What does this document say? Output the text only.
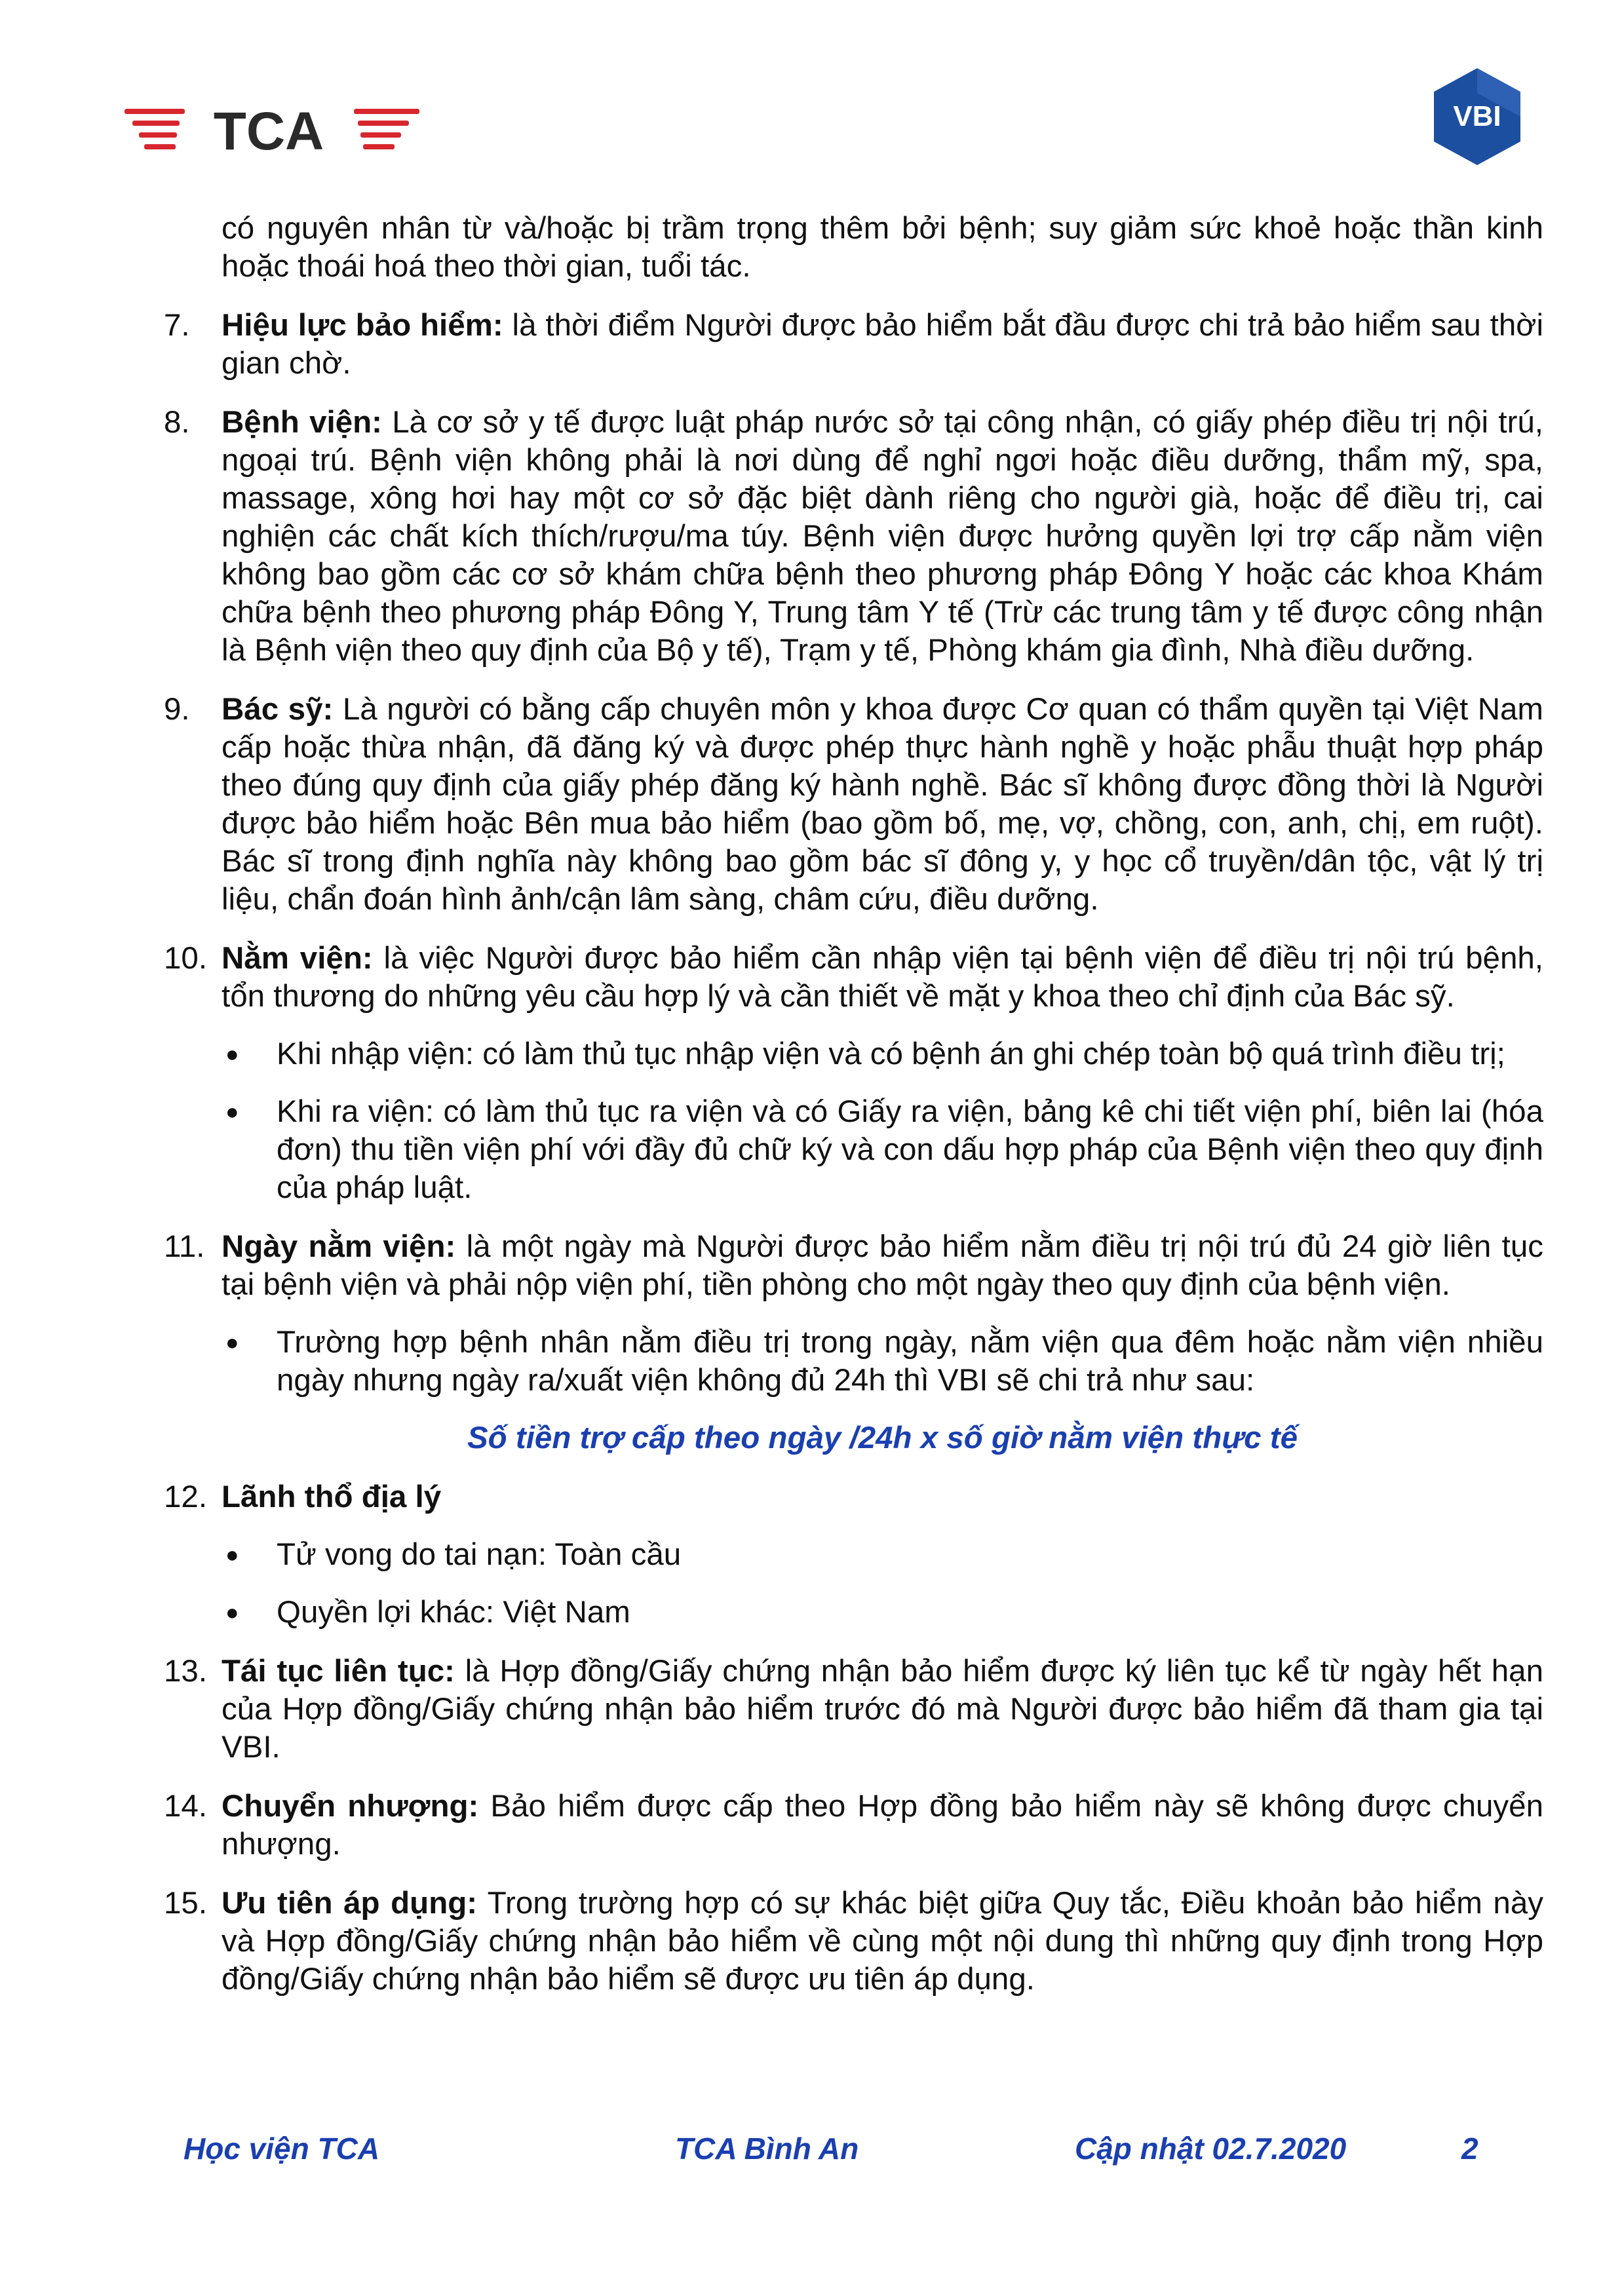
TCA	VBI
có nguyên nhân từ và/hoặc bị trầm trọng thêm bởi bệnh; suy giảm sức khoẻ hoặc thần kinh hoặc thoái hoá theo thời gian, tuổi tác.
7. Hiệu lực bảo hiểm: là thời điểm Người được bảo hiểm bắt đầu được chi trả bảo hiểm sau thời gian chờ.
8. Bệnh viện: Là cơ sở y tế được luật pháp nước sở tại công nhận, có giấy phép điều trị nội trú, ngoại trú. Bệnh viện không phải là nơi dùng để nghỉ ngơi hoặc điều dưỡng, thẩm mỹ, spa, massage, xông hơi hay một cơ sở đặc biệt dành riêng cho người già, hoặc để điều trị, cai nghiện các chất kích thích/rượu/ma túy. Bệnh viện được hưởng quyền lợi trợ cấp nằm viện không bao gồm các cơ sở khám chữa bệnh theo phương pháp Đông Y hoặc các khoa Khám chữa bệnh theo phương pháp Đông Y, Trung tâm Y tế (Trừ các trung tâm y tế được công nhận là Bệnh viện theo quy định của Bộ y tế), Trạm y tế, Phòng khám gia đình, Nhà điều dưỡng.
9. Bác sỹ: Là người có bằng cấp chuyên môn y khoa được Cơ quan có thẩm quyền tại Việt Nam cấp hoặc thừa nhận, đã đăng ký và được phép thực hành nghề y hoặc phẫu thuật hợp pháp theo đúng quy định của giấy phép đăng ký hành nghề. Bác sĩ không được đồng thời là Người được bảo hiểm hoặc Bên mua bảo hiểm (bao gồm bố, mẹ, vợ, chồng, con, anh, chị, em ruột). Bác sĩ trong định nghĩa này không bao gồm bác sĩ đông y, y học cổ truyền/dân tộc, vật lý trị liệu, chẩn đoán hình ảnh/cận lâm sàng, châm cứu, điều dưỡng.
10. Nằm viện: là việc Người được bảo hiểm cần nhập viện tại bệnh viện để điều trị nội trú bệnh, tổn thương do những yêu cầu hợp lý và cần thiết về mặt y khoa theo chỉ định của Bác sỹ.
● Khi nhập viện: có làm thủ tục nhập viện và có bệnh án ghi chép toàn bộ quá trình điều trị;
● Khi ra viện: có làm thủ tục ra viện và có Giấy ra viện, bảng kê chi tiết viện phí, biên lai (hóa đơn) thu tiền viện phí với đầy đủ chữ ký và con dấu hợp pháp của Bệnh viện theo quy định của pháp luật.
11. Ngày nằm viện: là một ngày mà Người được bảo hiểm nằm điều trị nội trú đủ 24 giờ liên tục tại bệnh viện và phải nộp viện phí, tiền phòng cho một ngày theo quy định của bệnh viện.
● Trường hợp bệnh nhân nằm điều trị trong ngày, nằm viện qua đêm hoặc nằm viện nhiều ngày nhưng ngày ra/xuất viện không đủ 24h thì VBI sẽ chi trả như sau:
Số tiền trợ cấp theo ngày /24h x số giờ nằm viện thực tế
12. Lãnh thổ địa lý
● Tử vong do tai nạn: Toàn cầu
● Quyền lợi khác: Việt Nam
13. Tái tục liên tục: là Hợp đồng/Giấy chứng nhận bảo hiểm được ký liên tục kể từ ngày hết hạn của Hợp đồng/Giấy chứng nhận bảo hiểm trước đó mà Người được bảo hiểm đã tham gia tại VBI.
14. Chuyển nhượng: Bảo hiểm được cấp theo Hợp đồng bảo hiểm này sẽ không được chuyển nhượng.
15. Ưu tiên áp dụng: Trong trường hợp có sự khác biệt giữa Quy tắc, Điều khoản bảo hiểm này và Hợp đồng/Giấy chứng nhận bảo hiểm về cùng một nội dung thì những quy định trong Hợp đồng/Giấy chứng nhận bảo hiểm sẽ được ưu tiên áp dụng.
Học viện TCA	TCA Bình An	Cập nhật 02.7.2020	2
